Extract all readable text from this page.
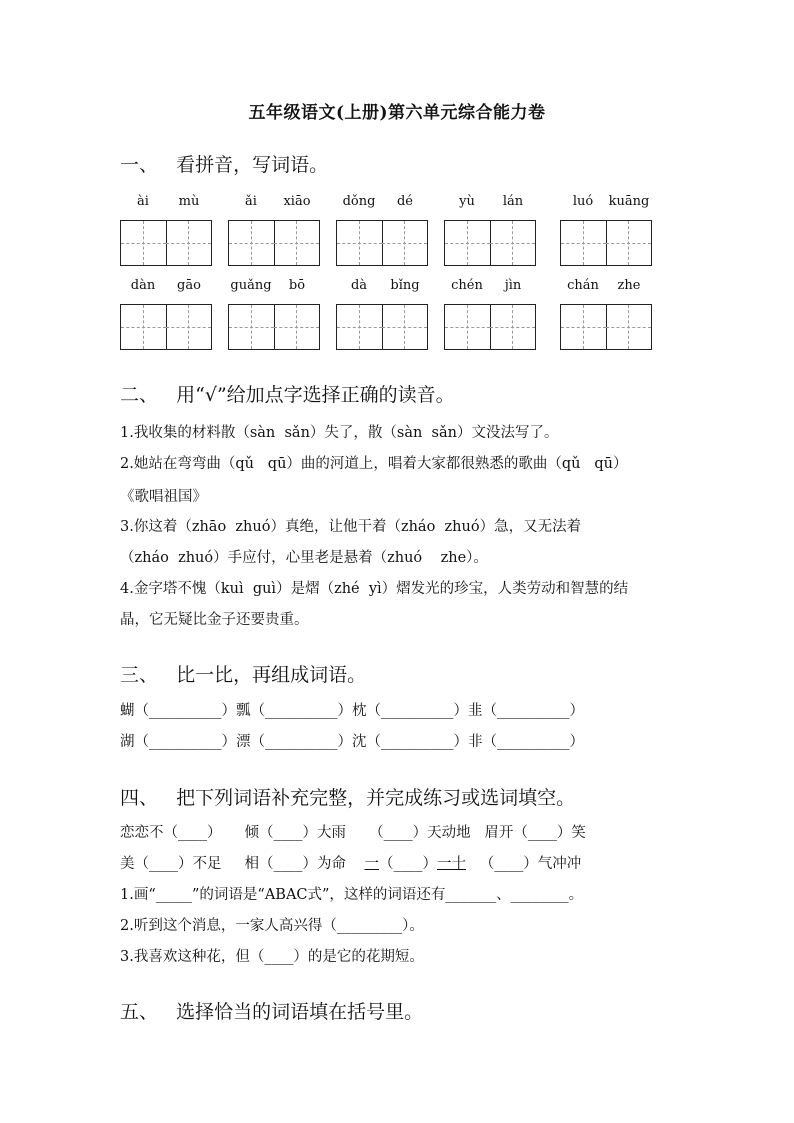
五年级语文(上册)第六单元综合能力卷
一、   看拼音，写词语。
ài	mù	ǎi	xiāo	dǒng	dé	yù	lán	luó	kuāng
dàn	gāo	guǎng	bō	dà	bǐng	chén	jìn	chán	zhe
二、   用“√”给加点字选择正确的读音。
1.我收集的材料散（sàn  sǎn）失了，散（sàn  sǎn）文没法写了。
2.她站在弯弯曲（qǔ   qū）曲的河道上，唱着大家都很熟悉的歌曲（qǔ   qū）
《歌唱祖国》
3.你这着（zhāo  zhuó）真绝，让他干着（zháo  zhuó）急，又无法着
（zháo  zhuó）手应付，心里老是悬着（zhuó    zhe）。
4.金字塔不愧（kuì  guì）是熠（zhé  yì）熠发光的珍宝，人类劳动和智慧的结
晶，它无疑比金子还要贵重。
三、   比一比，再组成词语。
蝴（__________）瓢（__________）枕（__________）韭（__________）
湖（__________）漂（__________）沈（__________）非（__________）
四、   把下列词语补充完整，并完成练习或选词填空。
恋恋不（____）     倾（____）大雨     （____）天动地   眉开（____）笑
美（____）不足     相（____）为命    一（____）一十   （____）气冲冲
1.画“_____”的词语是“ABAC式”，这样的词语还有_______、________。
2.听到这个消息，一家人高兴得（_________）。
3.我喜欢这种花，但（____）的是它的花期短。
五、   选择恰当的词语填在括号里。
